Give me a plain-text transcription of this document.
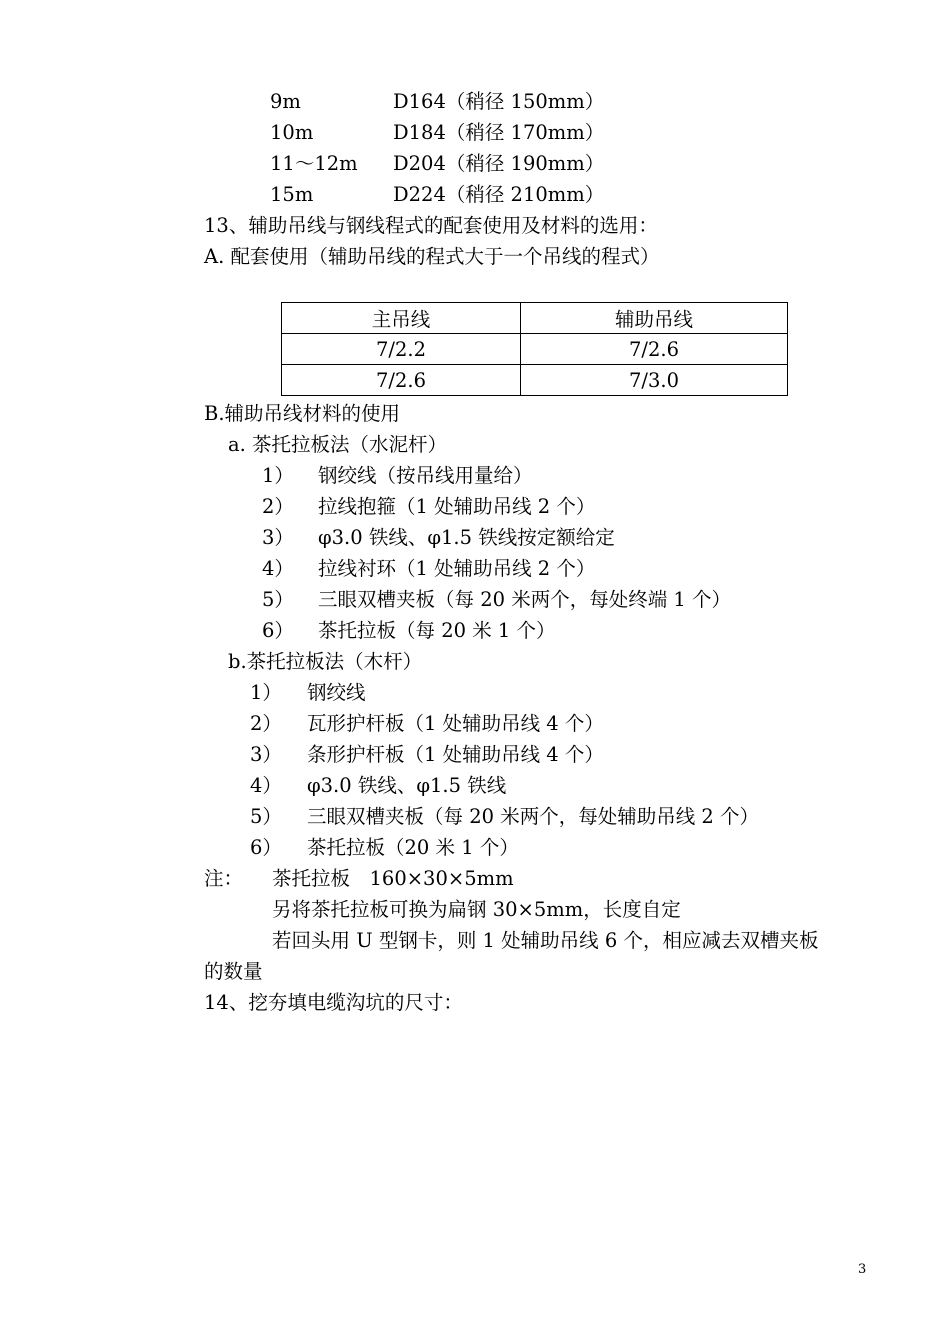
9m	D164（稍径 150mm）
10m	D184（稍径 170mm）
11～12m D204（稍径 190mm）
15m	D224（稍径 210mm）
13、辅助吊线与钢线程式的配套使用及材料的选用：
A. 配套使用（辅助吊线的程式大于一个吊线的程式）
主吊线	辅助吊线
7/2.2	7/2.6
7/2.6	7/3.0
B.辅助吊线材料的使用
a. 茶托拉板法（水泥杆）
1） 钢绞线（按吊线用量给）
2） 拉线抱箍（1 处辅助吊线 2 个）
3） φ3.0 铁线、φ1.5 铁线按定额给定
4） 拉线衬环（1 处辅助吊线 2 个）
5） 三眼双槽夹板（每 20 米两个，每处终端 1 个）
6） 茶托拉板（每 20 米 1 个）
b.茶托拉板法（木杆）
1） 钢绞线
2） 瓦形护杆板（1 处辅助吊线 4 个）
3） 条形护杆板（1 处辅助吊线 4 个）
4） φ3.0 铁线、φ1.5 铁线
5） 三眼双槽夹板（每 20 米两个，每处辅助吊线 2 个）
6） 茶托拉板（20 米 1 个）
注： 茶托拉板　160×30×5mm
另将茶托拉板可换为扁钢 30×5mm，长度自定
若回头用 U 型钢卡，则 1 处辅助吊线 6 个，相应减去双槽夹板
的数量
14、挖夯填电缆沟坑的尺寸：
3
